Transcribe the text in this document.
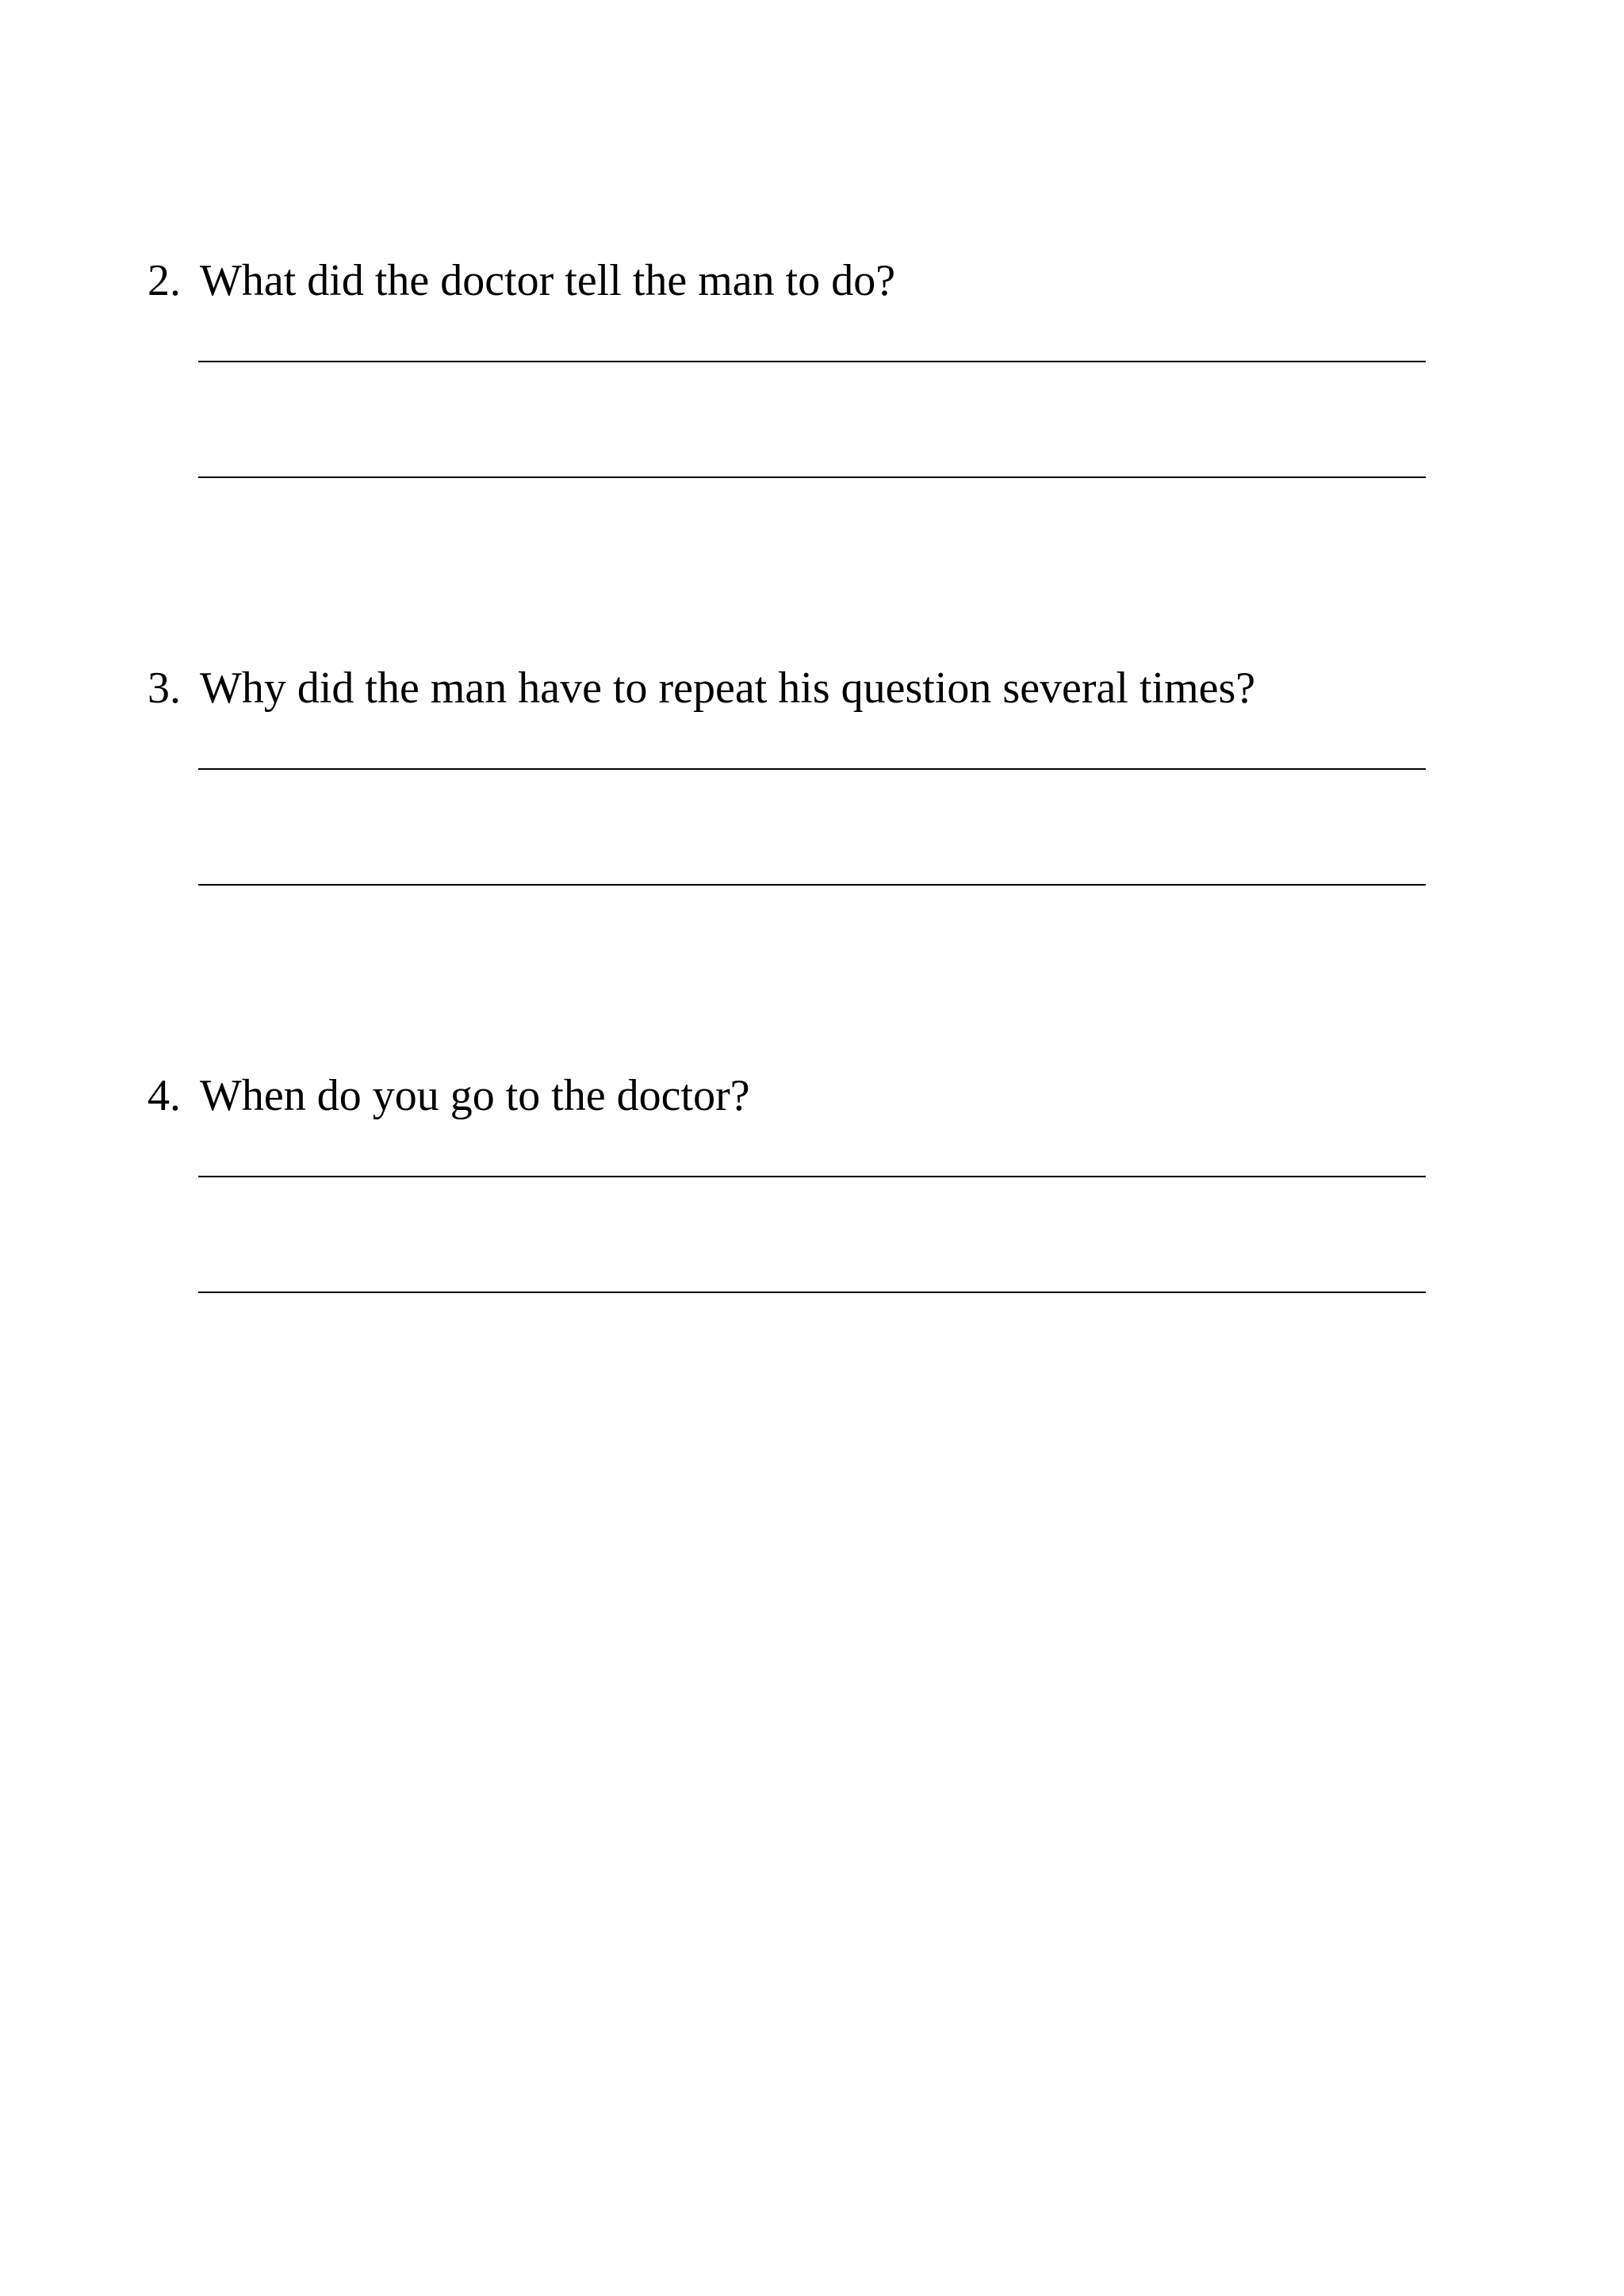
2. What did the doctor tell the man to do?
3. Why did the man have to repeat his question several times?
4. When do you go to the doctor?
